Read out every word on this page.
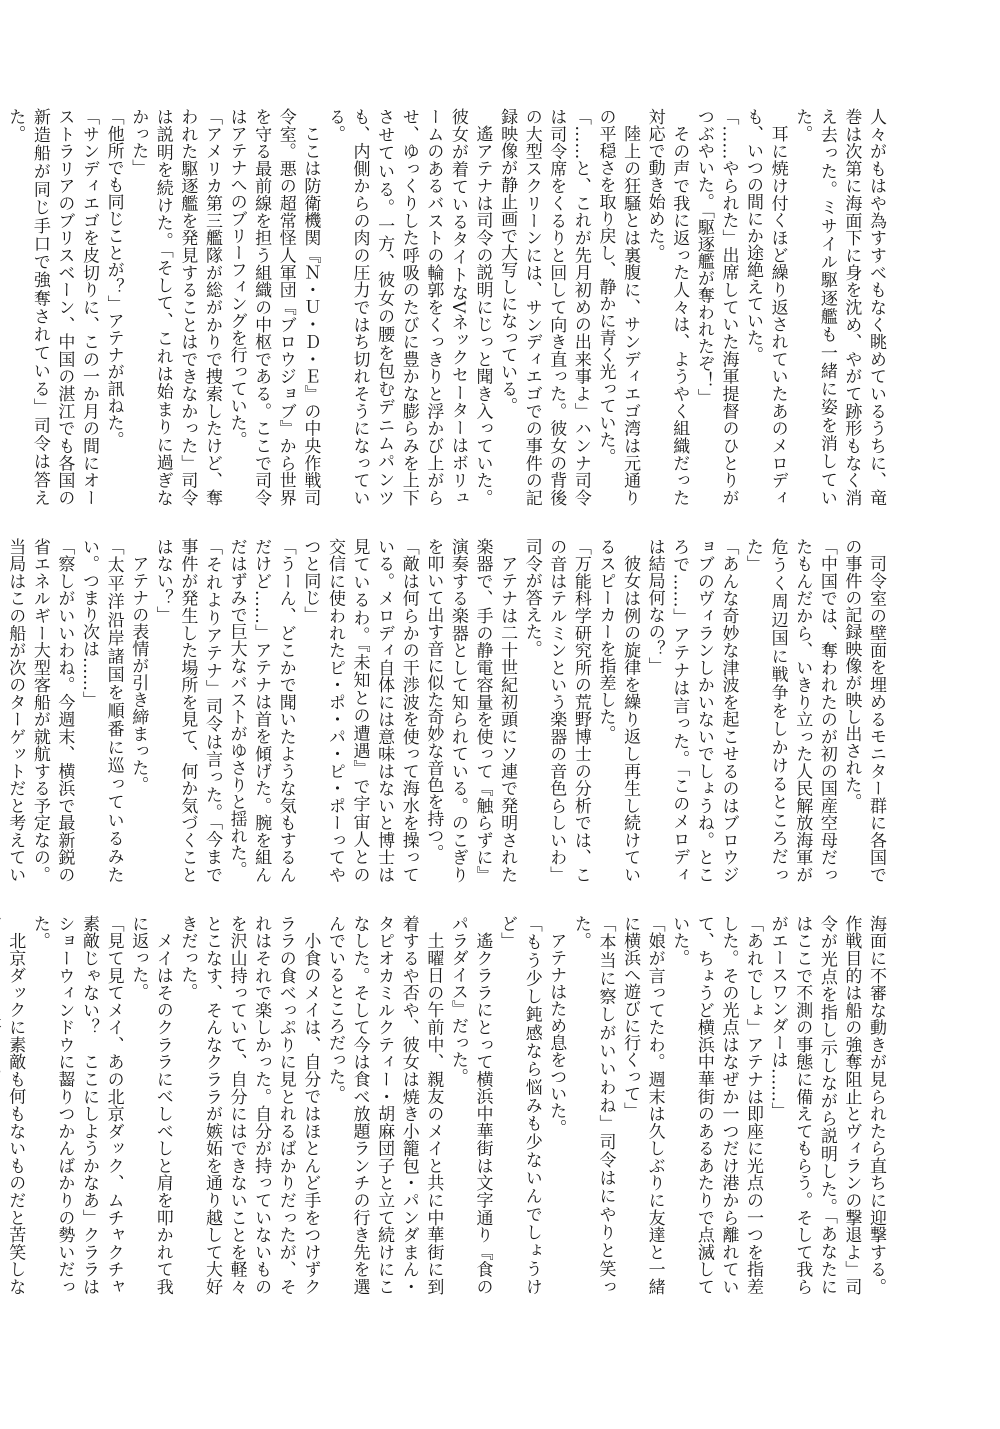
人々がもはや為すすべもなく眺めているうちに、竜巻は次第に海面下に身を沈め、やがて跡形もなく消え去った。ミサイル駆逐艦も一緒に姿を消していた。

耳に焼け付くほど繰り返されていたあのメロディも、いつの間にか途絶えていた。

「……やられた」出席していた海軍提督のひとりがつぶやいた。「駆逐艦が奪われたぞ！」

その声で我に返った人々は、ようやく組織だった対応で動き始めた。

陸上の狂騒とは裏腹に、サンディエゴ湾は元通りの平穏さを取り戻し、静かに青く光っていた。

「……と、これが先月初めの出来事よ」ハンナ司令は司令席をくるりと回して向き直った。彼女の背後の大型スクリーンには、サンディエゴでの事件の記録映像が静止画で大写しになっている。

遙アテナは司令の説明にじっと聞き入っていた。彼女が着ているタイトなVネックセーターはボリュームのあるバストの輪郭をくっきりと浮かび上がらせ、ゆっくりした呼吸のたびに豊かな膨らみを上下させている。一方、彼女の腰を包むデニムパンツも、内側からの肉の圧力ではち切れそうになっている。

ここは防衛機関『Ｎ・Ｕ・Ｄ・Ｅ』の中央作戦司令室。悪の超常怪人軍団『ブロウジョブ』から世界を守る最前線を担う組織の中枢である。ここで司令はアテナへのブリーフィングを行っていた。

「アメリカ第三艦隊が総がかりで捜索したけど、奪われた駆逐艦を発見することはできなかった」司令は説明を続けた。「そして、これは始まりに過ぎなかった」

「他所でも同じことが？」アテナが訊ねた。

「サンディエゴを皮切りに、この一か月の間にオーストラリアのブリスベーン、中国の湛江でも各国の新造船が同じ手口で強奪されている」司令は答えた。

司令室の壁面を埋めるモニター群に各国での事件の記録映像が映し出された。

「中国では、奪われたのが初の国産空母だったもんだから、いきり立った人民解放海軍が危うく周辺国に戦争をしかけるところだった」

「あんな奇妙な津波を起こせるのはブロウジョブのヴィランしかいないでしょうね。ところで……」アテナは言った。「このメロディは結局何なの？」

彼女は例の旋律を繰り返し再生し続けているスピーカーを指差した。

「万能科学研究所の荒野博士の分析では、この音はテルミンという楽器の音色らしいわ」司令が答えた。

アテナは二十世紀初頭にソ連で発明された楽器で、手の静電容量を使って『触らずに』演奏する楽器として知られている。のこぎりを叩いて出す音に似た奇妙な音色を持つ。

「敵は何らかの干渉波を使って海水を操っている。メロディ自体には意味はないと博士は見ているわ。『未知との遭遇』で宇宙人との交信に使われたピ・ポ・パ・ピ・ポーってやつと同じ」

「うーん、どこかで聞いたような気もするんだけど……」アテナは首を傾げた。腕を組んだはずみで巨大なバストがゆさりと揺れた。

「それよりアテナ」司令は言った。「今まで事件が発生した場所を見て、何か気づくことはない？」

アテナの表情が引き締まった。

「太平洋沿岸諸国を順番に巡っているみたい。つまり次は……」

「察しがいいわね。今週末、横浜で最新鋭の省エネルギー大型客船が就航する予定なの。当局はこの船が次のターゲットだと考えてい

海面に不審な動きが見られたら直ちに迎撃する。作戦目的は船の強奪阻止とヴィランの撃退よ」司令が光点を指し示しながら説明した。「あなたにはここで不測の事態に備えてもらう。そして我らがエースワンダーは……」

「あれでしょ」アテナは即座に光点の一つを指差した。その光点はなぜか一つだけ港から離れていて、ちょうど横浜中華街のあるあたりで点滅していた。

「娘が言ってたわ。週末は久しぶりに友達と一緒に横浜へ遊びに行くって」

「本当に察しがいいわね」司令はにやりと笑った。

アテナはため息をついた。

「もう少し鈍感なら悩みも少ないんでしょうけど」

遙クララにとって横浜中華街は文字通り『食のパラダイス』だった。

土曜日の午前中、親友のメイと共に中華街に到着するや否や、彼女は焼き小籠包・パンダまん・タピオカミルクティー・胡麻団子と立て続けにこなした。そして今は食べ放題ランチの行き先を選んでいるところだった。

小食のメイは、自分ではほとんど手をつけずクララの食べっぷりに見とれるばかりだったが、それはそれで楽しかった。自分が持っていないものを沢山持っていて、自分にはできないことを軽々とこなす、そんなクララが嫉妬を通り越して大好きだった。

メイはそのクララにべしべしと肩を叩かれて我に返った。

「見て見てメイ、あの北京ダック、ムチャクチャ素敵じゃない？　ここにしようかなあ」クララはショーウィンドウに齧りつかんばかりの勢いだった。

北京ダックに素敵も何もないものだと苦笑しな
